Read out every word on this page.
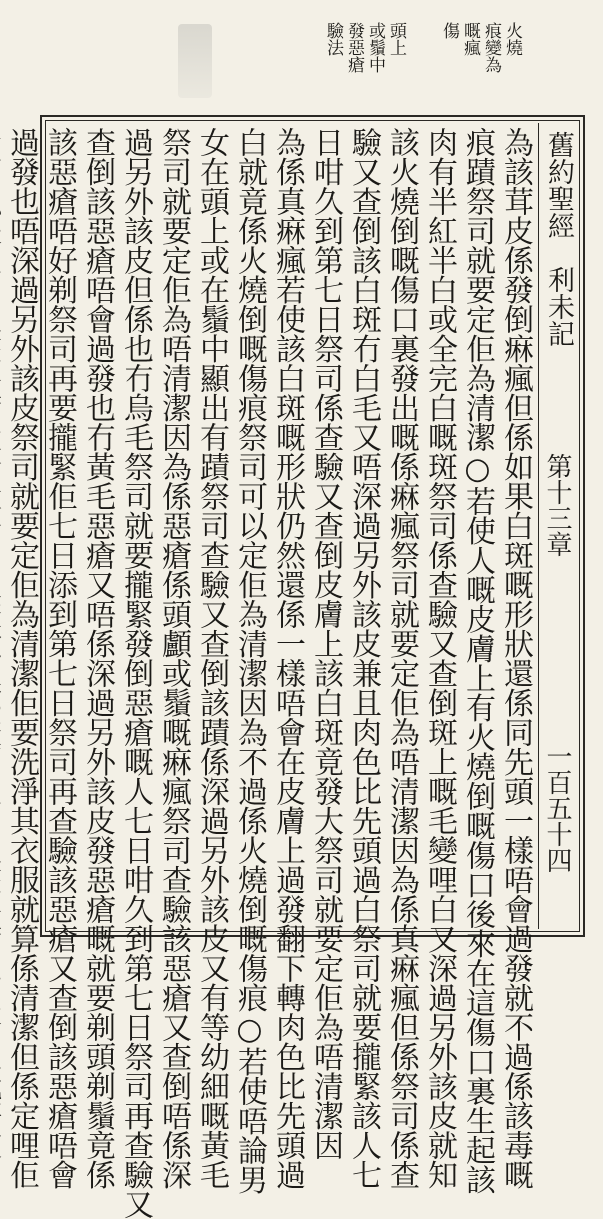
火燒
痕變為
嘅瘋
傷
頭上
或鬚中
發惡瘡
驗法
舊約聖經　利未記
第十三章
一百五十四
為該茸皮係發倒痳瘋但係如果白斑嘅形狀還係同先頭一樣唔會過發就不過係該毒嘅
痕蹟祭司就要定佢為清潔○若使人嘅皮膚上有火燒倒嘅傷口後來在這傷口裏生起該
肉有半紅半白或全完白嘅斑祭司係查驗又查倒斑上嘅毛變哩白又深過另外該皮就知
該火燒倒嘅傷口裏發出嘅係痳瘋祭司就要定佢為唔清潔因為係真痳瘋但係祭司係查
驗又查倒該白斑冇白毛又唔深過另外該皮兼且肉色比先頭過白祭司就要攏緊該人七
日咁久到第七日祭司係查驗又查倒皮膚上該白斑竟發大祭司就要定佢為唔清潔因
為係真痳瘋若使該白斑嘅形狀仍然還係一樣唔會在皮膚上過發翻下轉肉色比先頭過
白就竟係火燒倒嘅傷痕祭司可以定佢為清潔因為不過係火燒倒嘅傷痕○若使唔論男
女在頭上或在鬚中顯出有蹟祭司查驗又查倒該蹟係深過另外該皮又有等幼細嘅黃毛
祭司就要定佢為唔清潔因為係惡瘡係頭顱或鬚嘅痳瘋祭司查驗該惡瘡又查倒唔係深
過另外該皮但係也冇烏毛祭司就要攏緊發倒惡瘡嘅人七日咁久到第七日祭司再查驗又
查倒該惡瘡唔會過發也冇黃毛惡瘡又唔係深過另外該皮發惡瘡嘅就要剃頭剃鬚竟係
該惡瘡唔好剃祭司再要攏緊佢七日添到第七日祭司再查驗該惡瘡又查倒該惡瘡唔會
過發也唔深過另外該皮祭司就要定佢為清潔佢要洗淨其衣服就算係清潔但係定哩佢
